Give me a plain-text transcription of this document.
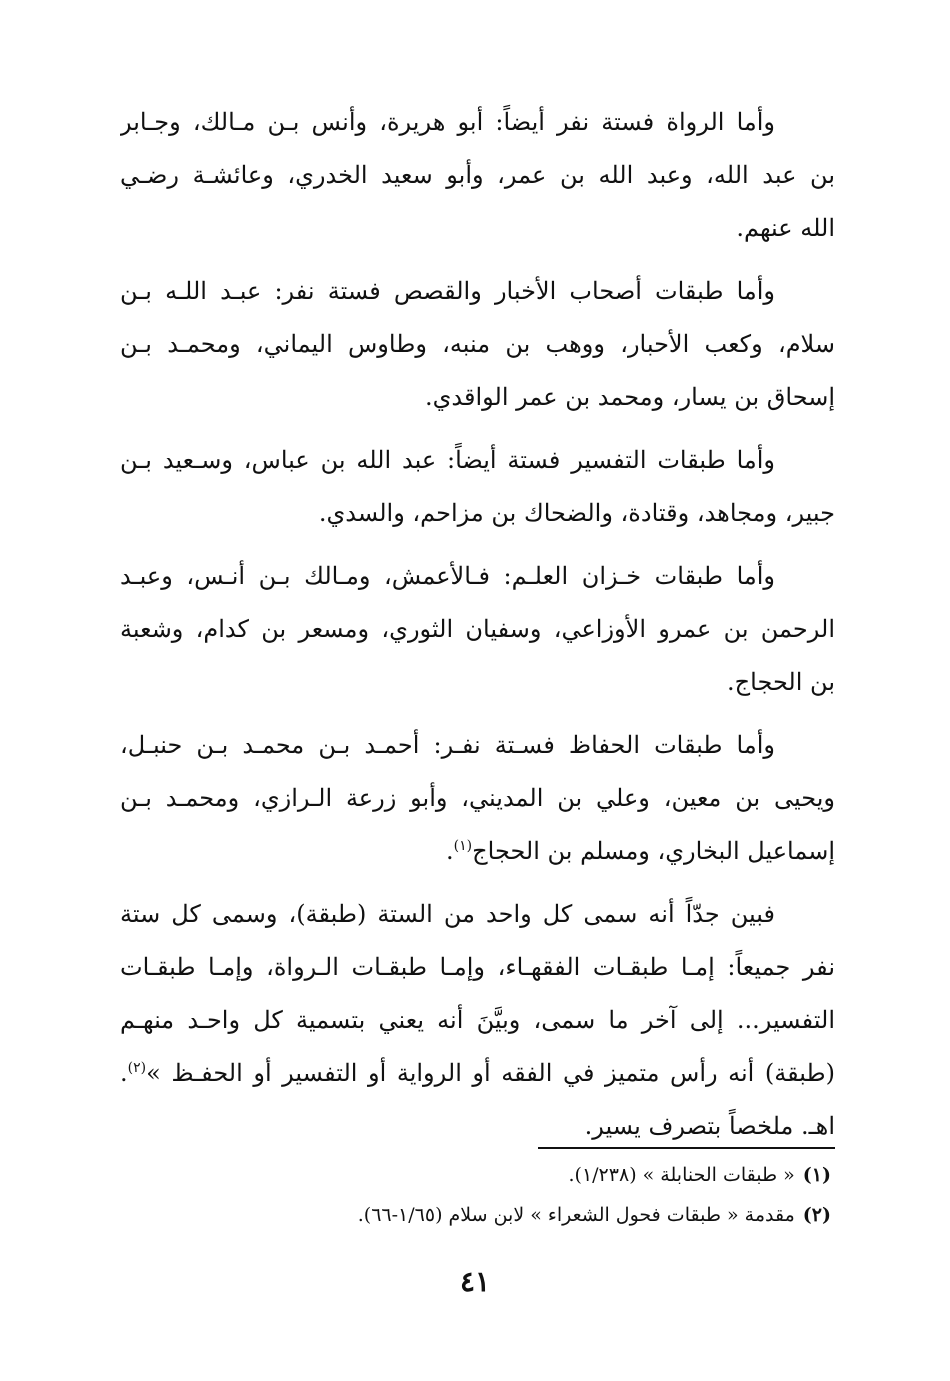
وأما الرواة فستة نفر أيضاً: أبو هريرة، وأنس بـن مـالك، وجـابر
بن عبد الله، وعبد الله بن عمر، وأبو سعيد الخدري، وعائشـة رضـي
الله عنهم.
وأما طبقات أصحاب الأخبار والقصص فستة نفر: عبـد اللـه بـن
سلام، وكعب الأحبار، ووهب بن منبه، وطاوس اليماني، ومحمـد بـن
إسحاق بن يسار، ومحمد بن عمر الواقدي.
وأما طبقات التفسير فستة أيضاً: عبد الله بن عباس، وسـعيد بـن
جبير، ومجاهد، وقتادة، والضحاك بن مزاحم، والسدي.
وأما طبقات خـزان العلـم: فـالأعمش، ومـالك بـن أنـس، وعبـد
الرحمن بن عمرو الأوزاعي، وسفيان الثوري، ومسعر بن كدام، وشعبة
بن الحجاج.
وأما طبقات الحفاظ فسـتة نفـر: أحمـد بـن محمـد بـن حنبـل،
ويحيى بن معين، وعلي بن المديني، وأبو زرعة الـرازي، ومحمـد بـن
إسماعيل البخاري، ومسلم بن الحجاج$^{(١)}$.
فبين جدّاً أنه سمى كل واحد من الستة (طبقة)، وسمى كل ستة
نفر جميعاً: إمـا طبقـات الفقهـاء، وإمـا طبقـات الـرواة، وإمـا طبقـات
التفسير... إلى آخر ما سمى، وبيَّنَ أنه يعني بتسمية كل واحـد منهـم
(طبقة) أنه رأس متميز في الفقه أو الرواية أو التفسير أو الحفـظ »$^{(٢)}$.
اهـ. ملخصاً بتصرف يسير.
(١)« طبقات الحنابلة » (١/٢٣٨).
(٢)مقدمة « طبقات فحول الشعراء » لابن سلام (١/٦٥-٦٦).
٤١
